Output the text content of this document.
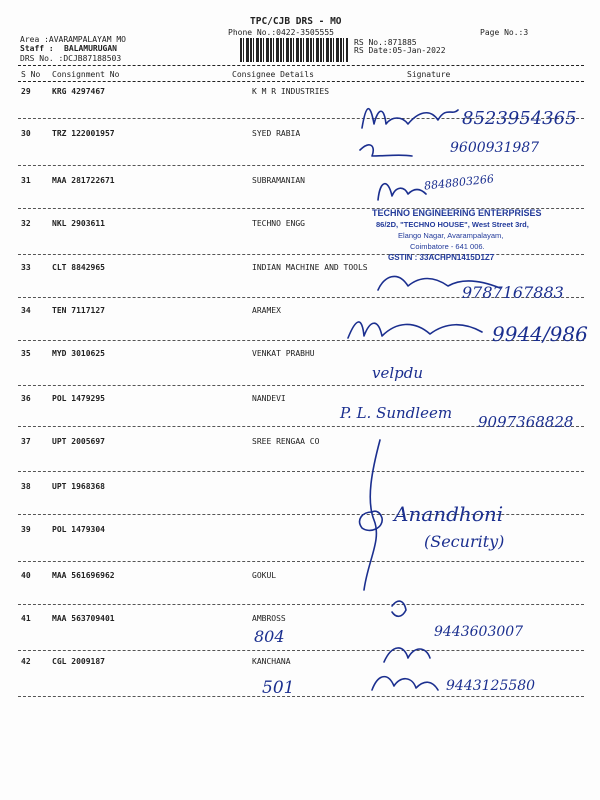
TPC/CJB DRS - MO
Phone No.:0422-3505555	Page No.:3
Area :AVARAMPALAYAM MO
Staff : BALAMURUGAN
DRS No. :DCJB87188503
RS No.:871885
RS Date:05-Jan-2022
S No Consignment No	Consignee Details	Signature
29	KRG 4297467	K M R INDUSTRIES
30	TRZ 122001957	SYED RABIA
31	MAA 281722671	SUBRAMANIAN
32	NKL 2903611	TECHNO ENGG
33	CLT 8842965	INDIAN MACHINE AND TOOLS
34	TEN 7117127	ARAMEX
35	MYD 3010625	VENKAT PRABHU
36	POL 1479295	NANDEVI
37	UPT 2005697	SREE RENGAA CO
38	UPT 1968368
39	POL 1479304
40	MAA 561696962	GOKUL
41	MAA 563709401	AMBROSS
42	CGL 2009187	KANCHANA
TECHNO ENGINEERING ENTERPRISES
86/2D, "TECHNO HOUSE", West Street 3rd,
Elango Nagar, Avarampalayam,
Coimbatore - 641 006.
GSTIN : 33ACHPN1415D1Z7
8523954365
9600931987
8848803266
9787167883
9944/986
velpdu
P. L. Sundleem 9097368828
Anandhoni
(Security)
804	9443603007
501	9443125580
